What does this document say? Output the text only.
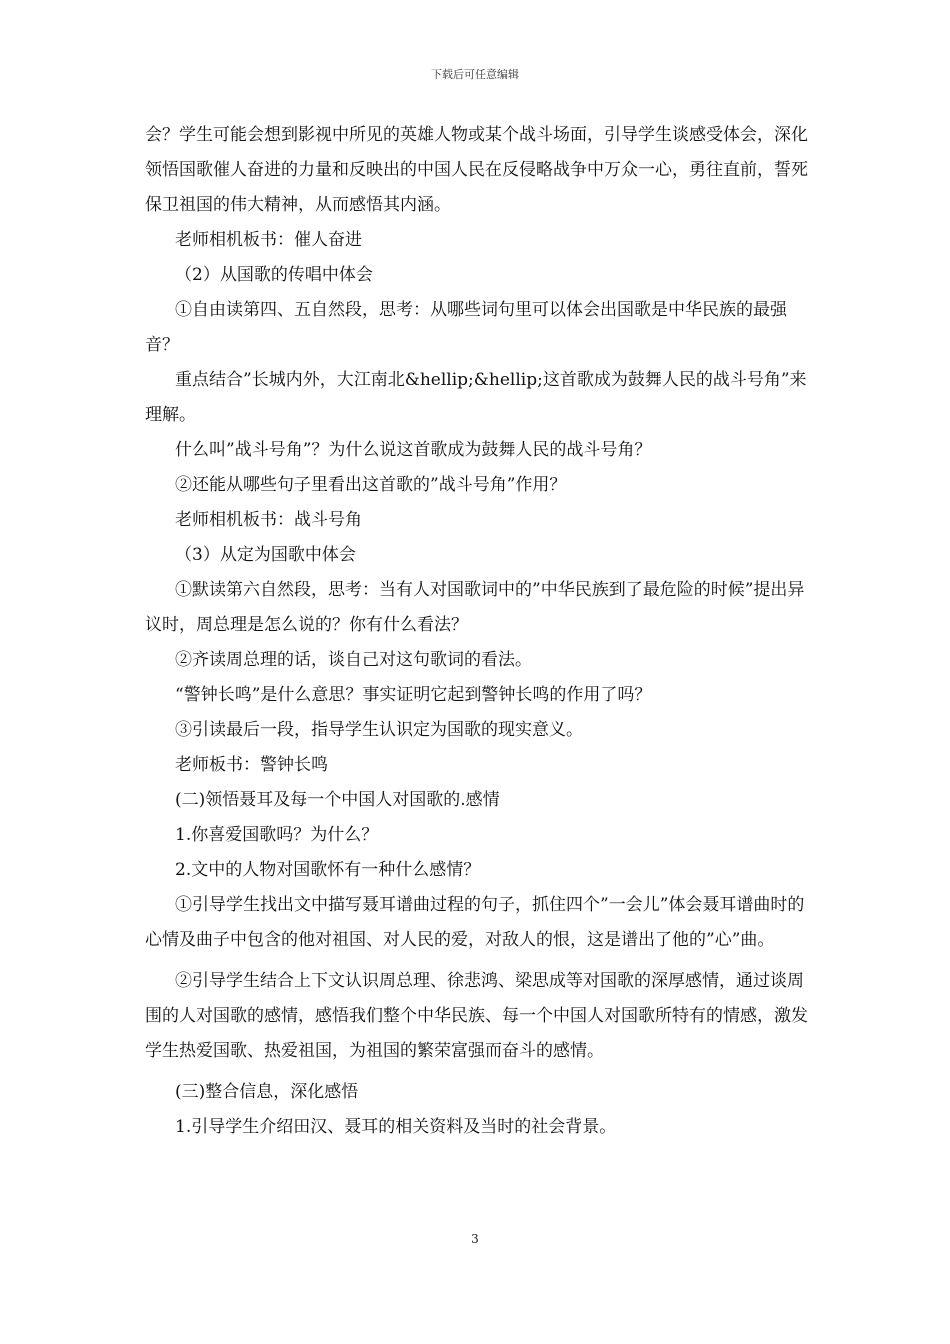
下载后可任意编辑

会？学生可能会想到影视中所见的英雄人物或某个战斗场面，引导学生谈感受体会，深化领悟国歌催人奋进的力量和反映出的中国人民在反侵略战争中万众一心，勇往直前，誓死保卫祖国的伟大精神，从而感悟其内涵。

老师相机板书：催人奋进

（2）从国歌的传唱中体会

①自由读第四、五自然段，思考：从哪些词句里可以体会出国歌是中华民族的最强音？

重点结合”长城内外，大江南北&hellip;&hellip;这首歌成为鼓舞人民的战斗号角”来理解。

什么叫”战斗号角”？为什么说这首歌成为鼓舞人民的战斗号角？

②还能从哪些句子里看出这首歌的”战斗号角”作用？

老师相机板书：战斗号角

（3）从定为国歌中体会

①默读第六自然段，思考：当有人对国歌词中的”中华民族到了最危险的时候”提出异议时，周总理是怎么说的？你有什么看法？

②齐读周总理的话，谈自己对这句歌词的看法。

“警钟长鸣”是什么意思？事实证明它起到警钟长鸣的作用了吗？

③引读最后一段，指导学生认识定为国歌的现实意义。

老师板书：警钟长鸣

(二)领悟聂耳及每一个中国人对国歌的.感情

1.你喜爱国歌吗？为什么？

2.文中的人物对国歌怀有一种什么感情？

①引导学生找出文中描写聂耳谱曲过程的句子，抓住四个”一会儿”体会聂耳谱曲时的心情及曲子中包含的他对祖国、对人民的爱，对敌人的恨，这是谱出了他的”心”曲。

②引导学生结合上下文认识周总理、徐悲鸿、梁思成等对国歌的深厚感情，通过谈周围的人对国歌的感情，感悟我们整个中华民族、每一个中国人对国歌所特有的情感，激发学生热爱国歌、热爱祖国，为祖国的繁荣富强而奋斗的感情。

(三)整合信息，深化感悟

1.引导学生介绍田汉、聂耳的相关资料及当时的社会背景。

3
